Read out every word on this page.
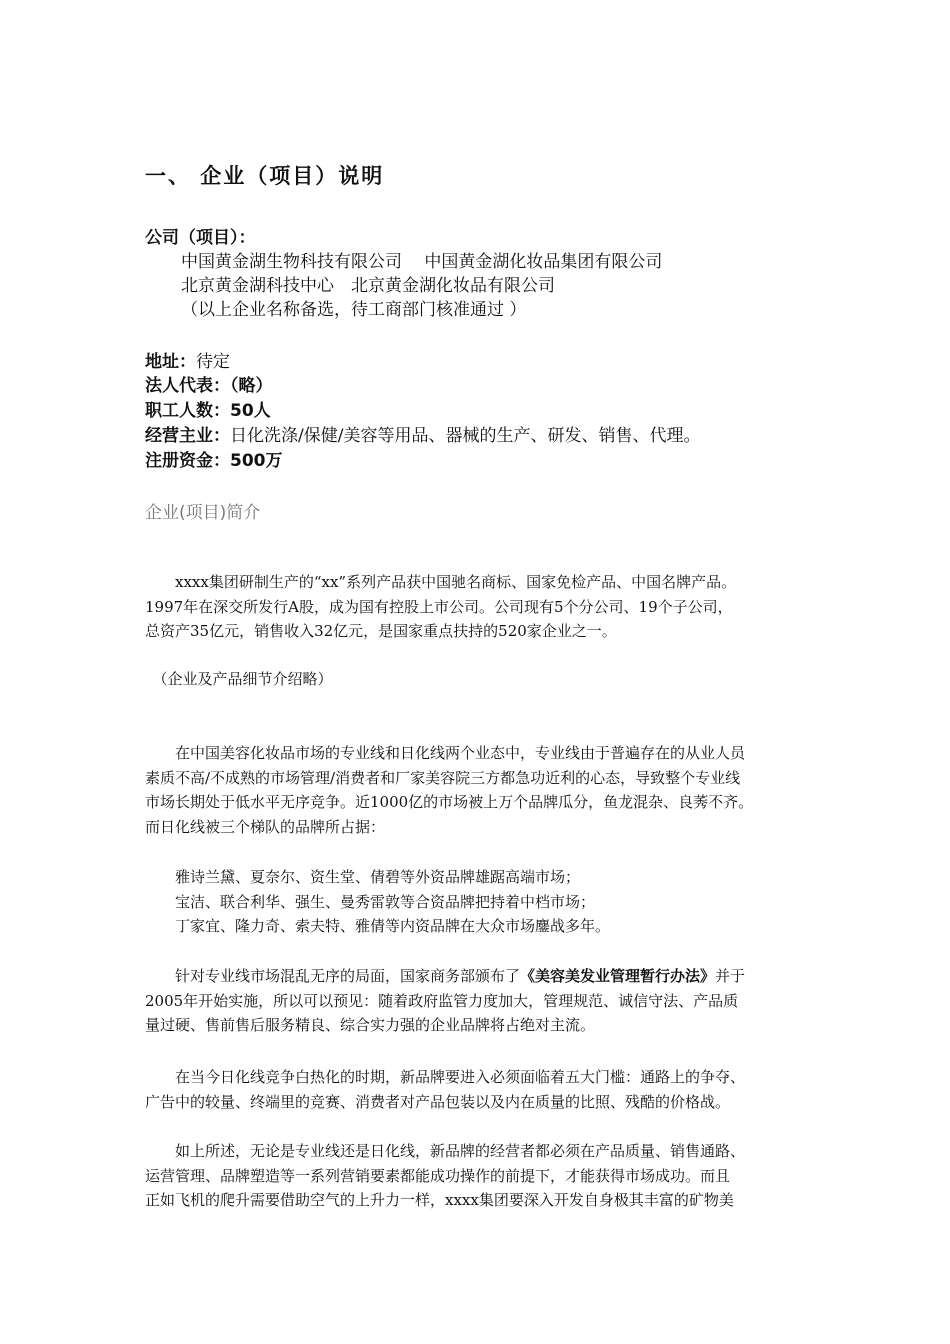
一、 企业（项目）说明
公司（项目）：
中国黄金湖生物科技有限公司　 中国黄金湖化妆品集团有限公司
北京黄金湖科技中心　北京黄金湖化妆品有限公司
（以上企业名称备选，待工商部门核准通过 ）
地址：待定
法人代表：（略）
职工人数：50人
经营主业：日化洗涤/保健/美容等用品、器械的生产、研发、销售、代理。
注册资金：500万
企业(项目)简介
　　xxxx集团研制生产的“xx”系列产品获中国驰名商标、国家免检产品、中国名牌产品。
1997年在深交所发行A股，成为国有控股上市公司。公司现有5个分公司、19个子公司，
总资产35亿元，销售收入32亿元，是国家重点扶持的520家企业之一。
　（企业及产品细节介绍略）
　　在中国美容化妆品市场的专业线和日化线两个业态中，专业线由于普遍存在的从业人员
素质不高/不成熟的市场管理/消费者和厂家美容院三方都急功近利的心态，导致整个专业线
市场长期处于低水平无序竞争。近1000亿的市场被上万个品牌瓜分，鱼龙混杂、良莠不齐。
而日化线被三个梯队的品牌所占据：
　　雅诗兰黛、夏奈尔、资生堂、倩碧等外资品牌雄踞高端市场；
　　宝洁、联合利华、强生、曼秀雷敦等合资品牌把持着中档市场；
　　丁家宜、隆力奇、索夫特、雅倩等内资品牌在大众市场鏖战多年。
　　针对专业线市场混乱无序的局面，国家商务部颁布了《美容美发业管理暂行办法》并于
2005年开始实施，所以可以预见：随着政府监管力度加大，管理规范、诚信守法、产品质
量过硬、售前售后服务精良、综合实力强的企业品牌将占绝对主流。
　　在当今日化线竞争白热化的时期，新品牌要进入必须面临着五大门槛：通路上的争夺、
广告中的较量、终端里的竞赛、消费者对产品包装以及内在质量的比照、残酷的价格战。
　　如上所述，无论是专业线还是日化线，新品牌的经营者都必须在产品质量、销售通路、
运营管理、品牌塑造等一系列营销要素都能成功操作的前提下，才能获得市场成功。而且
正如飞机的爬升需要借助空气的上升力一样，xxxx集团要深入开发自身极其丰富的矿物美
